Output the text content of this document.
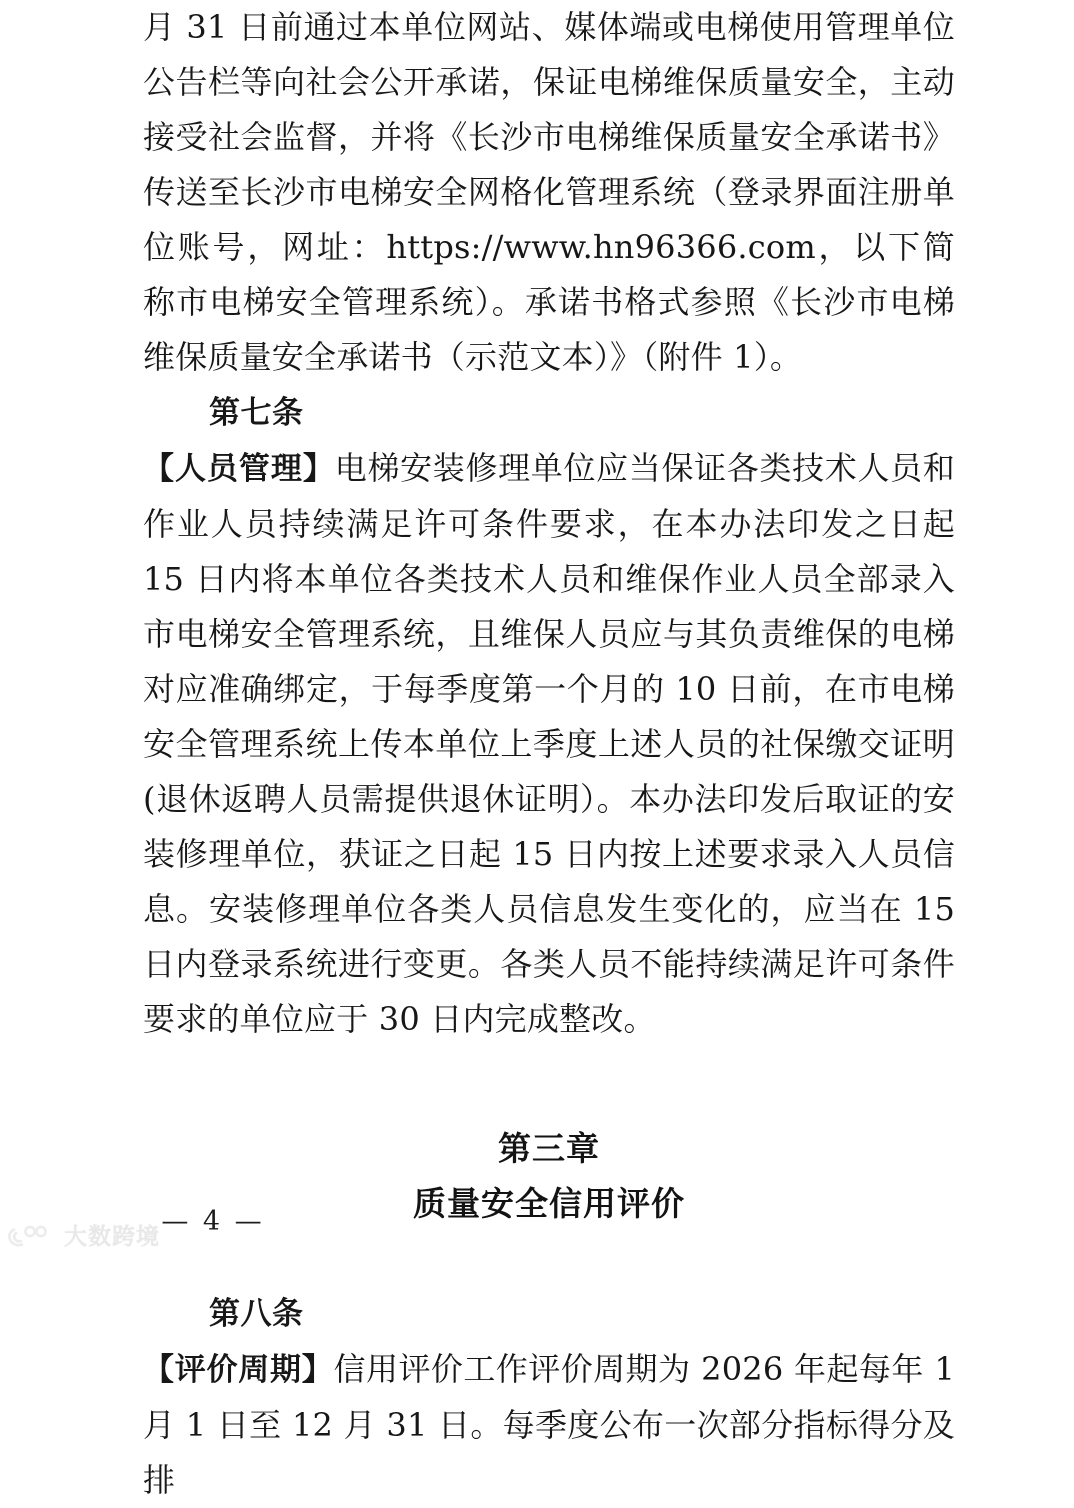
月 31 日前通过本单位网站、媒体端或电梯使用管理单位公告栏等向社会公开承诺，保证电梯维保质量安全，主动接受社会监督，并将《长沙市电梯维保质量安全承诺书》传送至长沙市电梯安全网格化管理系统（登录界面注册单位账号，网址：https://www.hn96366.com，以下简称市电梯安全管理系统）。承诺书格式参照《长沙市电梯维保质量安全承诺书（示范文本）》（附件 1）。

第七条
【人员管理】电梯安装修理单位应当保证各类技术人员和作业人员持续满足许可条件要求，在本办法印发之日起 15 日内将本单位各类技术人员和维保作业人员全部录入市电梯安全管理系统，且维保人员应与其负责维保的电梯对应准确绑定，于每季度第一个月的 10 日前，在市电梯安全管理系统上传本单位上季度上述人员的社保缴交证明(退休返聘人员需提供退休证明）。本办法印发后取证的安装修理单位，获证之日起 15 日内按上述要求录入人员信息。安装修理单位各类人员信息发生变化的，应当在 15 日内登录系统进行变更。各类人员不能持续满足许可条件要求的单位应于 30 日内完成整改。

第三章
质量安全信用评价

第八条
【评价周期】信用评价工作评价周期为 2026 年起每年 1 月 1 日至 12 月 31 日。每季度公布一次部分指标得分及排

— 4 —
大数跨境
